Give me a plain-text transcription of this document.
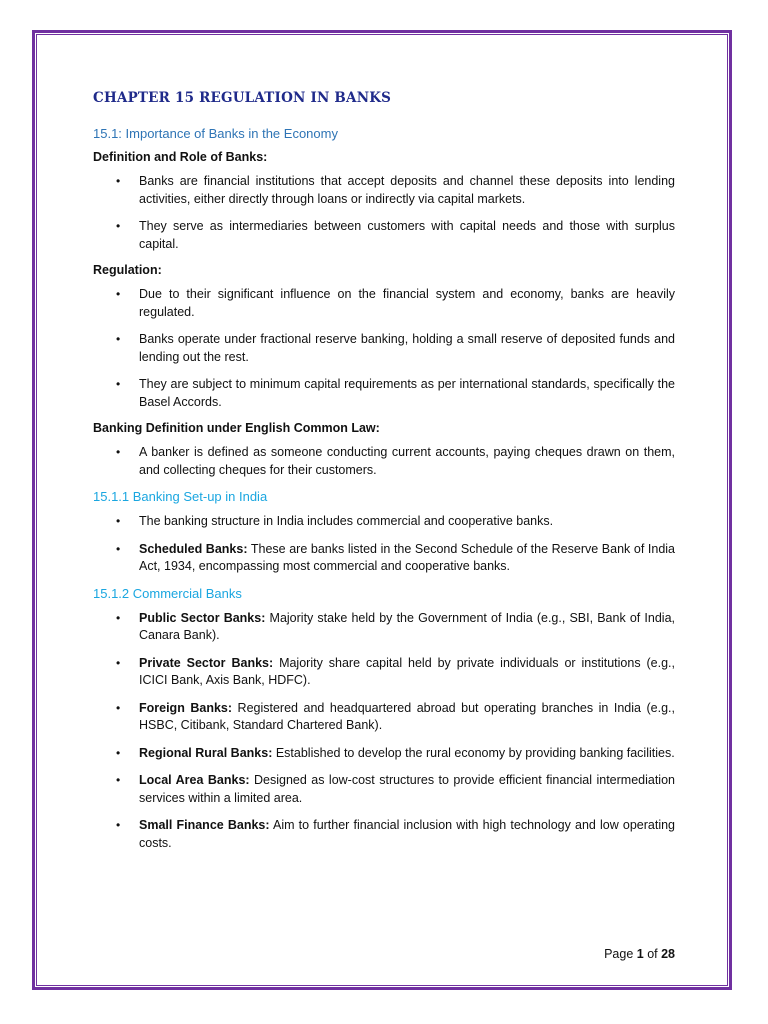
CHAPTER 15 REGULATION IN BANKS
15.1: Importance of Banks in the Economy
Definition and Role of Banks:
• Banks are financial institutions that accept deposits and channel these deposits into lending activities, either directly through loans or indirectly via capital markets.
• They serve as intermediaries between customers with capital needs and those with surplus capital.
Regulation:
• Due to their significant influence on the financial system and economy, banks are heavily regulated.
• Banks operate under fractional reserve banking, holding a small reserve of deposited funds and lending out the rest.
• They are subject to minimum capital requirements as per international standards, specifically the Basel Accords.
Banking Definition under English Common Law:
• A banker is defined as someone conducting current accounts, paying cheques drawn on them, and collecting cheques for their customers.
15.1.1 Banking Set-up in India
• The banking structure in India includes commercial and cooperative banks.
• Scheduled Banks: These are banks listed in the Second Schedule of the Reserve Bank of India Act, 1934, encompassing most commercial and cooperative banks.
15.1.2 Commercial Banks
• Public Sector Banks: Majority stake held by the Government of India (e.g., SBI, Bank of India, Canara Bank).
• Private Sector Banks: Majority share capital held by private individuals or institutions (e.g., ICICI Bank, Axis Bank, HDFC).
• Foreign Banks: Registered and headquartered abroad but operating branches in India (e.g., HSBC, Citibank, Standard Chartered Bank).
• Regional Rural Banks: Established to develop the rural economy by providing banking facilities.
• Local Area Banks: Designed as low-cost structures to provide efficient financial intermediation services within a limited area.
• Small Finance Banks: Aim to further financial inclusion with high technology and low operating costs.
Page 1 of 28
